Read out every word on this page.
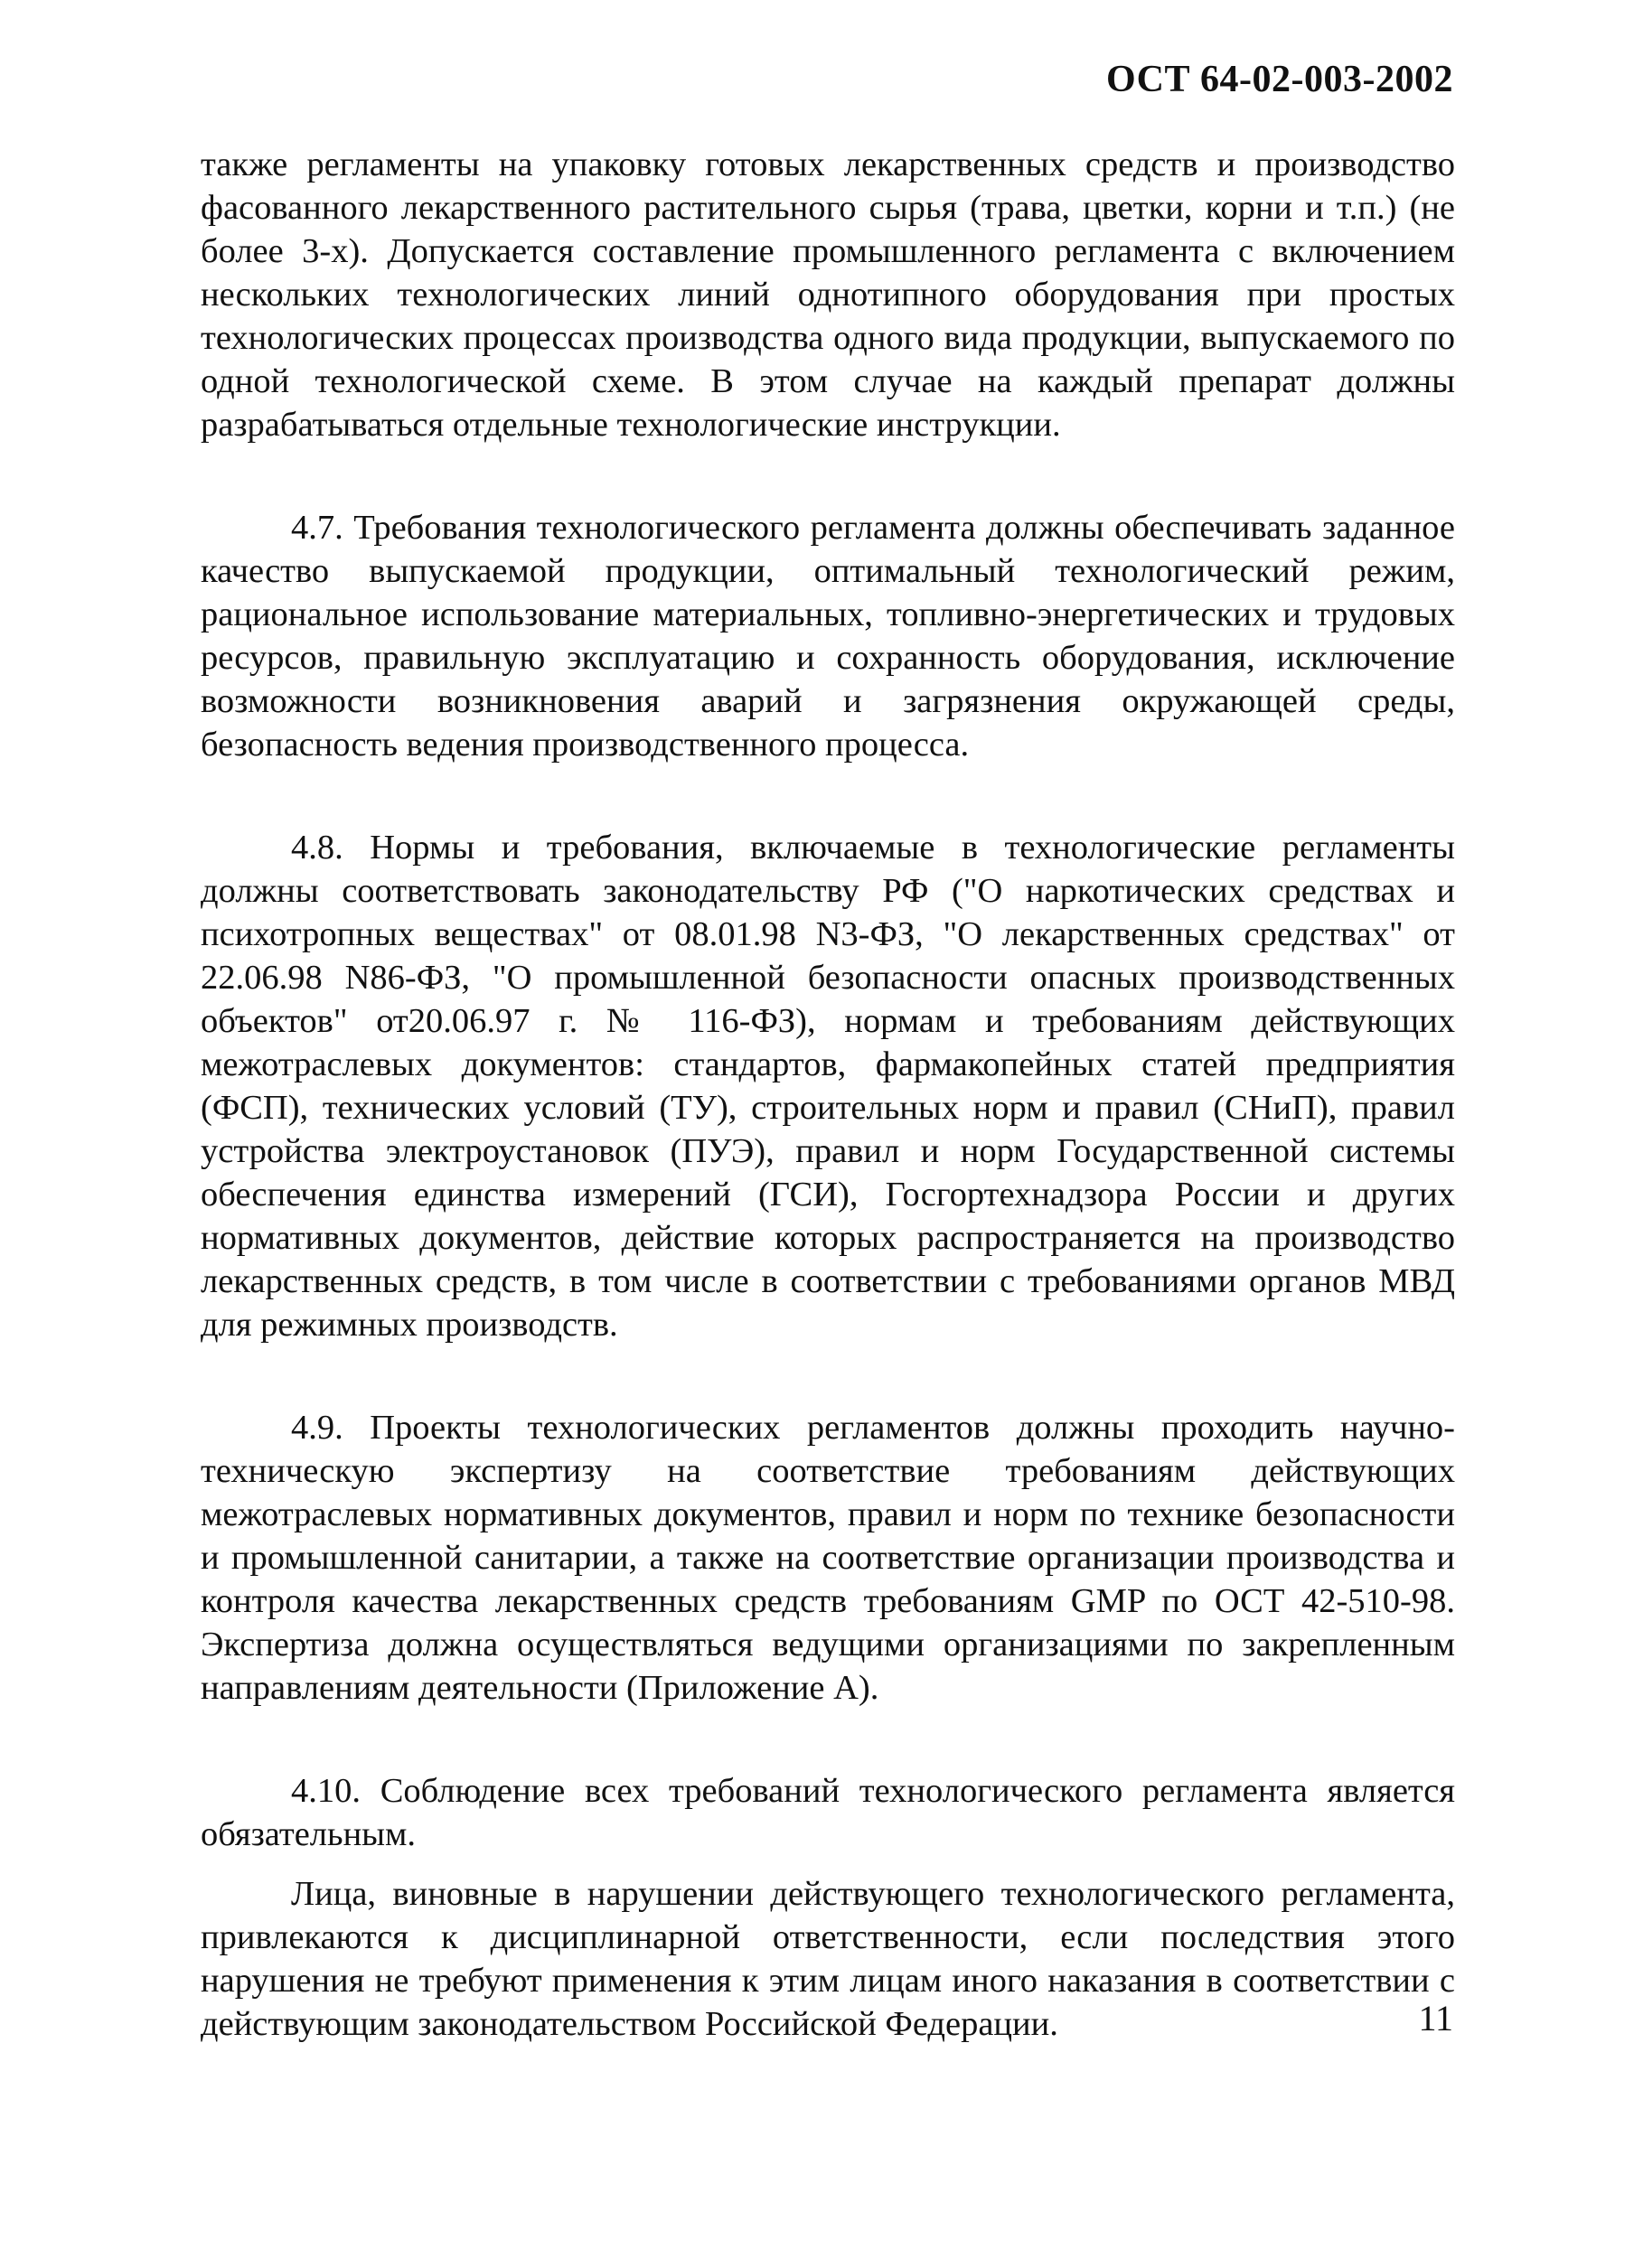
ОСТ 64-02-003-2002

также регламенты на упаковку готовых лекарственных средств и производство фасованного лекарственного растительного сырья (трава, цветки, корни и т.п.) (не более 3-х). Допускается составление промышленного регламента с включением нескольких технологических линий однотипного оборудования при простых технологических процессах производства одного вида продукции, выпускаемого по одной технологической схеме. В этом случае на каждый препарат должны разрабатываться отдельные технологические инструкции.

4.7. Требования технологического регламента должны обеспечивать заданное качество выпускаемой продукции, оптимальный технологический режим, рациональное использование материальных, топливно-энергетических и трудовых ресурсов, правильную эксплуатацию и сохранность оборудования, исключение возможности возникновения аварий и загрязнения окружающей среды, безопасность ведения производственного процесса.

4.8. Нормы и требования, включаемые в технологические регламенты должны соответствовать законодательству РФ ("О наркотических средствах и психотропных веществах" от 08.01.98 N3-ФЗ, "О лекарственных средствах" от 22.06.98 N86-ФЗ, "О промышленной безопасности опасных производственных объектов" от20.06.97 г. № 116-ФЗ), нормам и требованиям действующих межотраслевых документов: стандартов, фармакопейных статей предприятия (ФСП), технических условий (ТУ), строительных норм и правил (СНиП), правил устройства электроустановок (ПУЭ), правил и норм Государственной системы обеспечения единства измерений (ГСИ), Госгортехнадзора России и других нормативных документов, действие которых распространяется на производство лекарственных средств, в том числе в соответствии с требованиями органов МВД для режимных производств.

4.9. Проекты технологических регламентов должны проходить научно-техническую экспертизу на соответствие требованиям действующих межотраслевых нормативных документов, правил и норм по технике безопасности и промышленной санитарии, а также на соответствие организации производства и контроля качества лекарственных средств требованиям GMP по ОСТ 42-510-98. Экспертиза должна осуществляться ведущими организациями по закрепленным направлениям деятельности (Приложение А).

4.10. Соблюдение всех требований технологического регламента является обязательным.

Лица, виновные в нарушении действующего технологического регламента, привлекаются к дисциплинарной ответственности, если последствия этого нарушения не требуют применения к этим лицам иного наказания в соответствии с действующим законодательством Российской Федерации.	11
